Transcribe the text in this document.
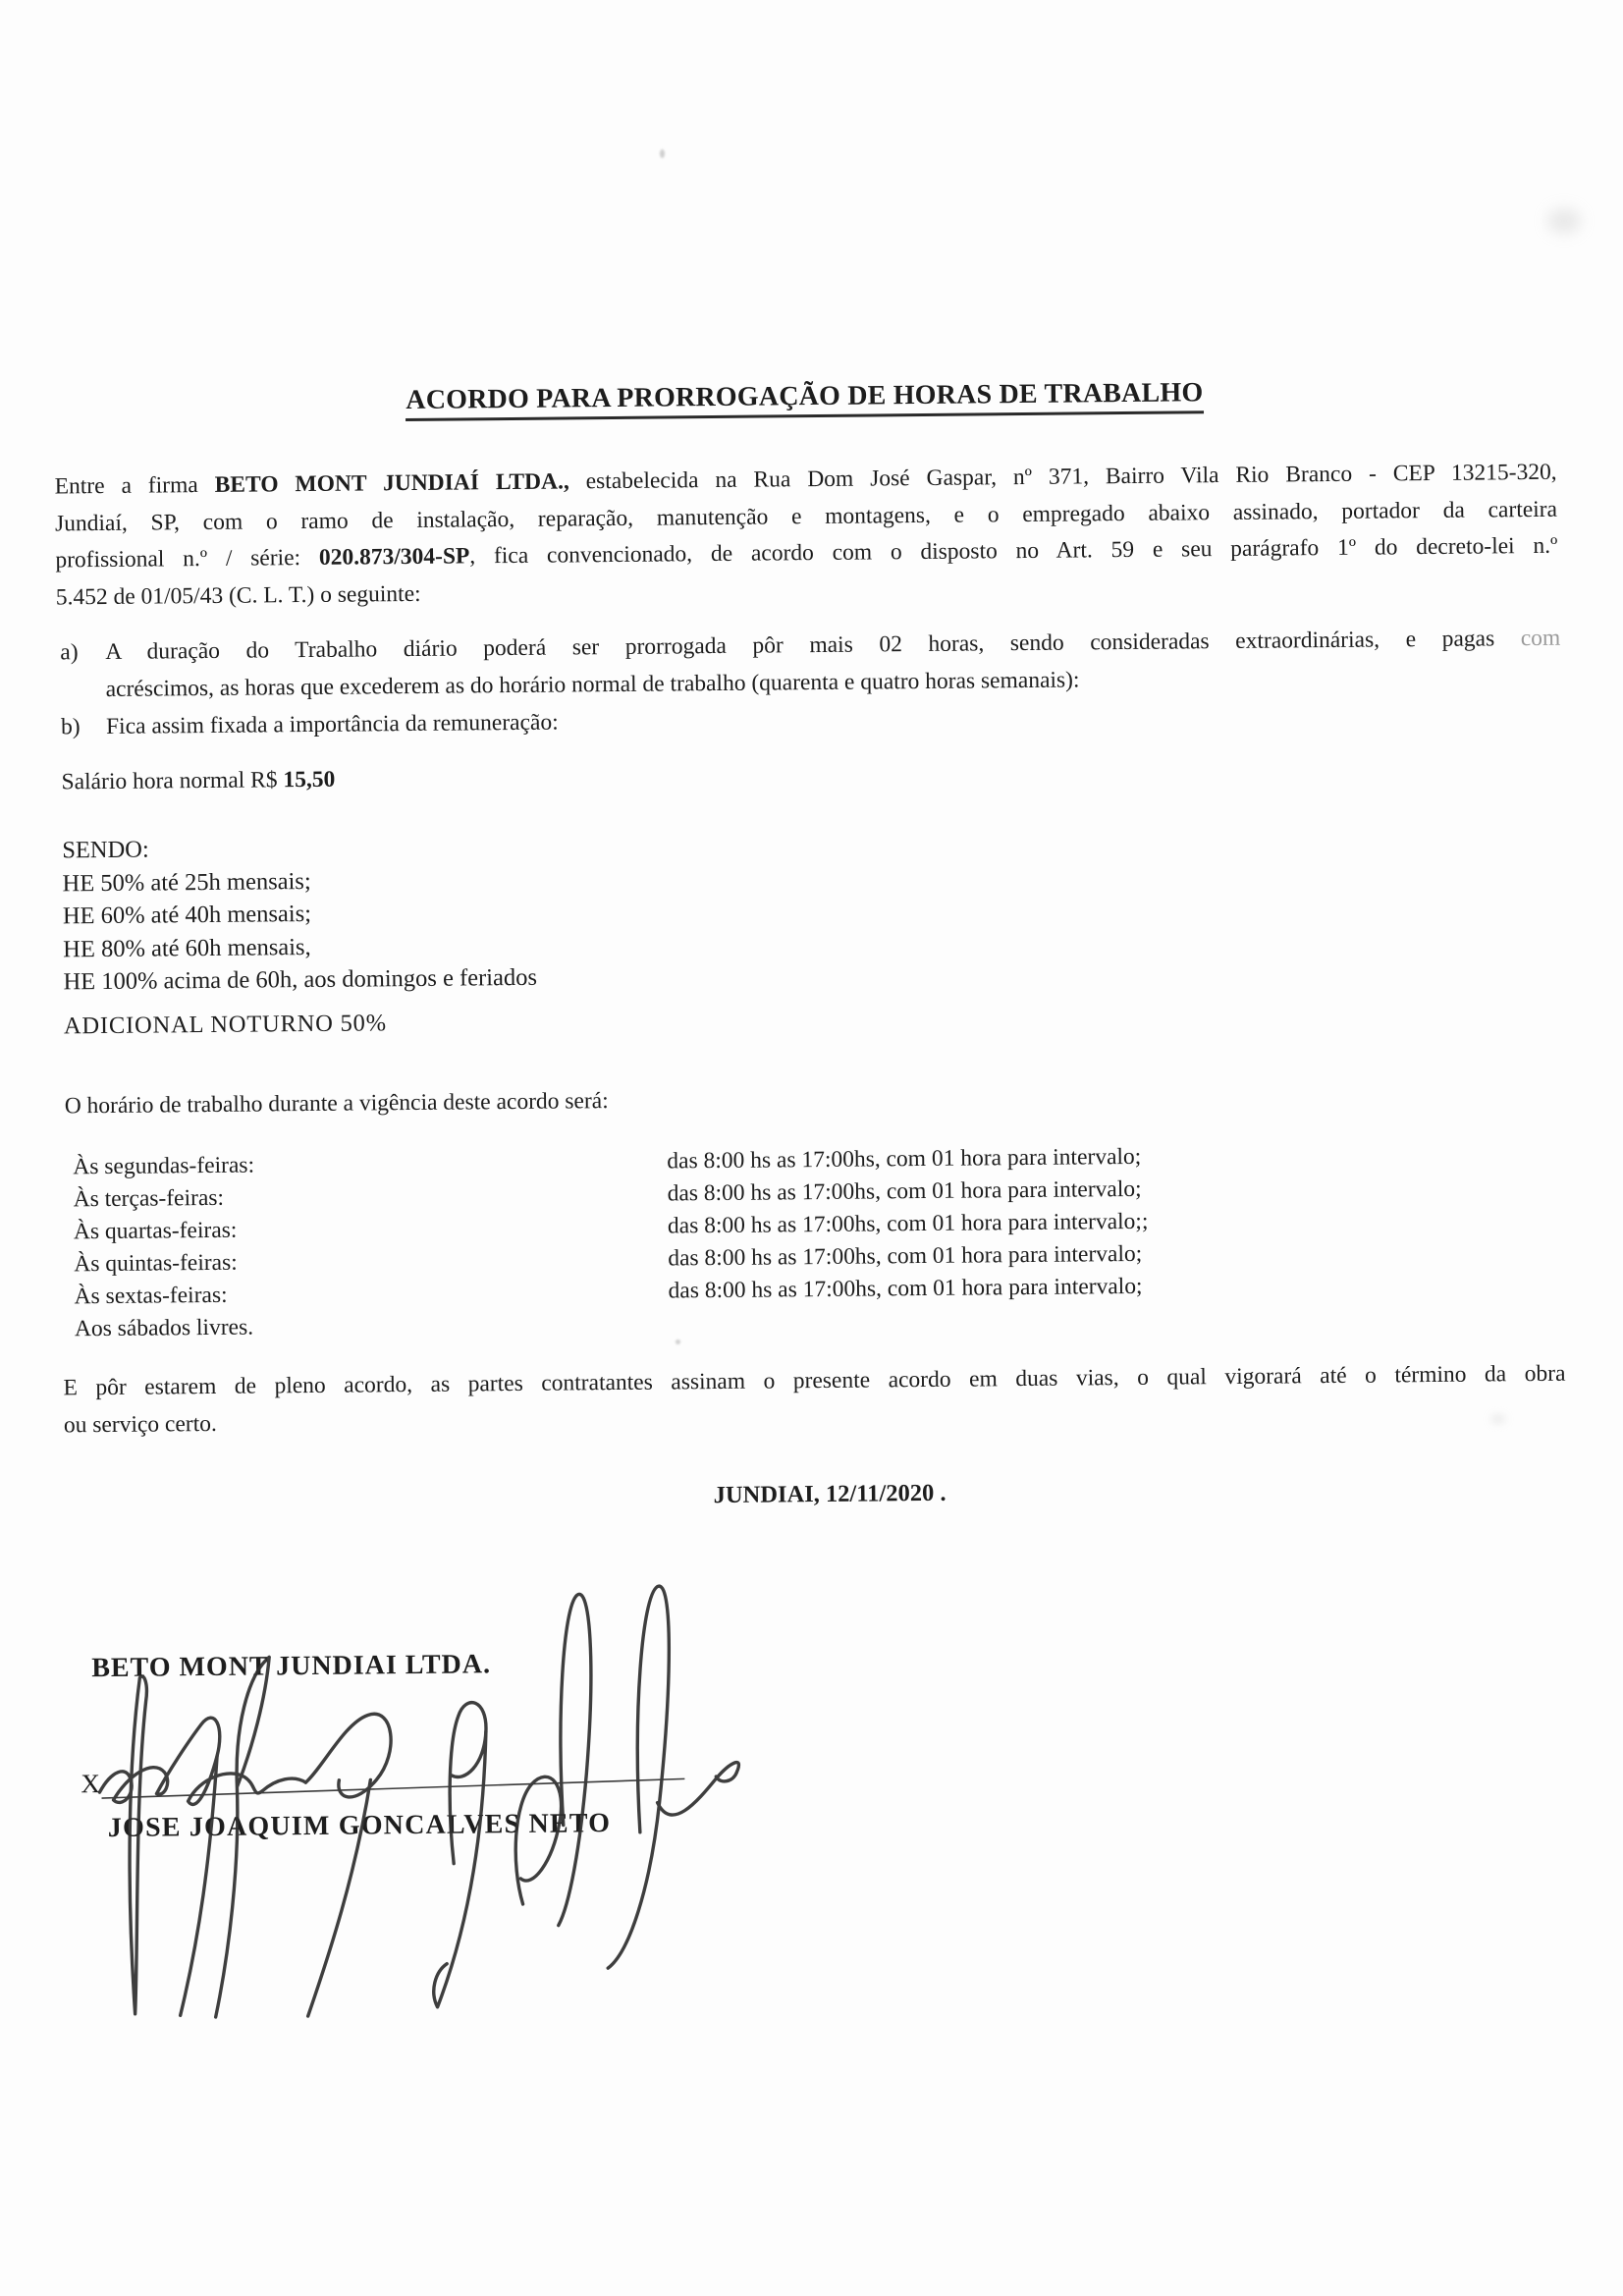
ACORDO PARA PRORROGAÇÃO DE HORAS DE TRABALHO
Entre a firma BETO MONT JUNDIAÍ LTDA., estabelecida na Rua Dom José Gaspar, nº 371, Bairro Vila Rio Branco - CEP 13215-320,
Jundiaí, SP, com o ramo de instalação, reparação, manutenção e montagens, e o empregado abaixo assinado, portador da carteira
profissional n.º / série: 020.873/304-SP, fica convencionado, de acordo com o disposto no Art. 59 e seu parágrafo 1º do decreto-lei n.º
5.452 de 01/05/43 (C. L. T.) o seguinte:
a) A duração do Trabalho diário poderá ser prorrogada pôr mais 02 horas, sendo consideradas extraordinárias, e pagas com
acréscimos, as horas que excederem as do horário normal de trabalho (quarenta e quatro horas semanais):
b) Fica assim fixada a importância da remuneração:
Salário hora normal R$ 15,50
SENDO:
HE 50% até 25h mensais;
HE 60% até 40h mensais;
HE 80% até 60h mensais,
HE 100% acima de 60h, aos domingos e feriados
ADICIONAL NOTURNO 50%
O horário de trabalho durante a vigência deste acordo será:
Às segundas-feiras:	das 8:00 hs as 17:00hs, com 01 hora para intervalo;
Às terças-feiras:	das 8:00 hs as 17:00hs, com 01 hora para intervalo;
Às quartas-feiras:	das 8:00 hs as 17:00hs, com 01 hora para intervalo;;
Às quintas-feiras:	das 8:00 hs as 17:00hs, com 01 hora para intervalo;
Às sextas-feiras:	das 8:00 hs as 17:00hs, com 01 hora para intervalo;
Aos sábados livres.
E pôr estarem de pleno acordo, as partes contratantes assinam o presente acordo em duas vias, o qual vigorará até o término da obra
ou serviço certo.
JUNDIAI, 12/11/2020 .
BETO MONT JUNDIAI LTDA.
X
JOSE JOAQUIM GONCALVES NETO
